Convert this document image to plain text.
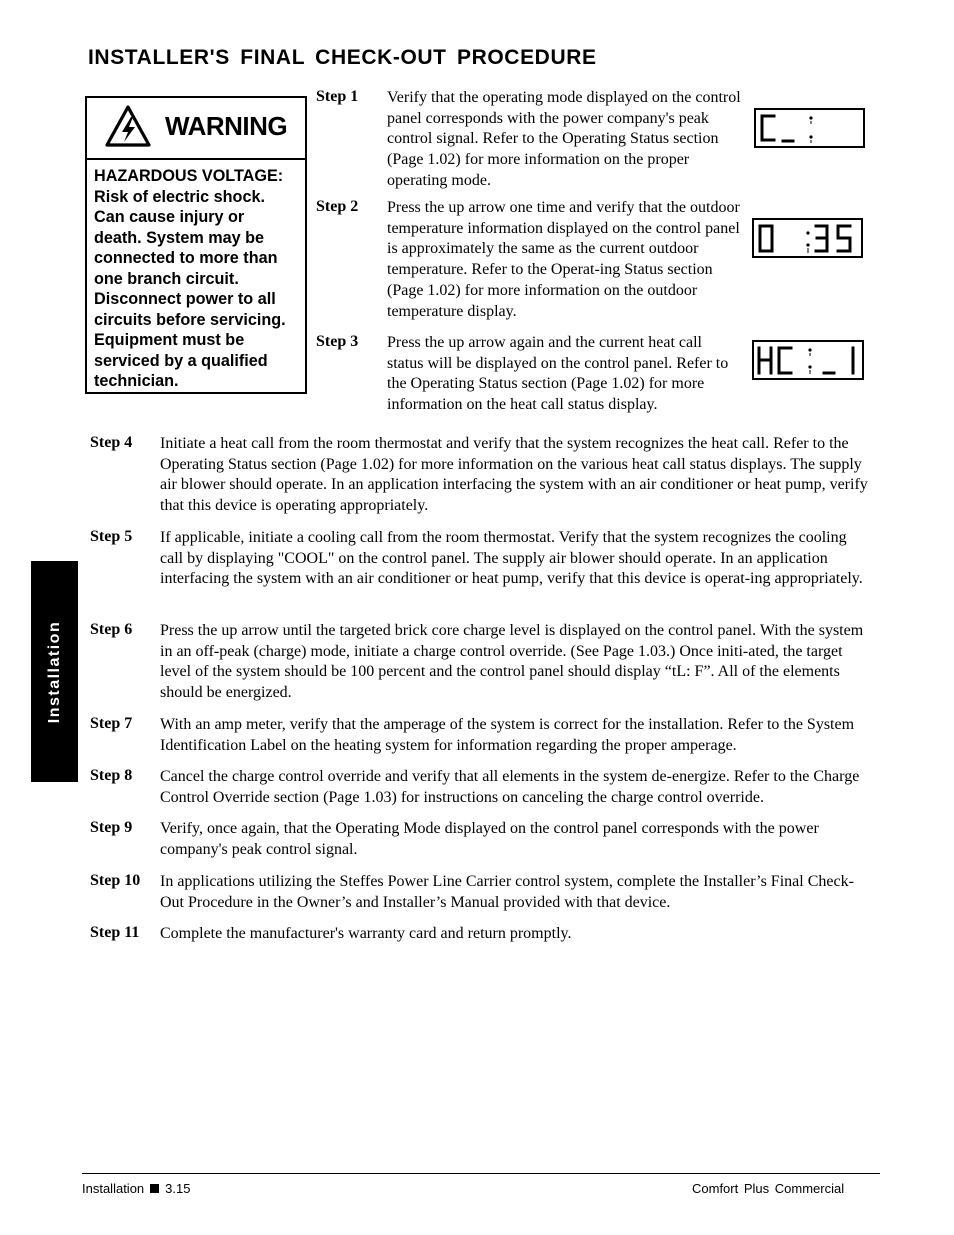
INSTALLER'S FINAL CHECK-OUT PROCEDURE
WARNING
HAZARDOUS VOLTAGE:
Risk of electric shock.
Can cause injury or
death. System may be
connected to more than
one branch circuit.
Disconnect power to all
circuits before servicing.
Equipment must be
serviced by a qualified
technician.
Step 1 Verify that the operating mode displayed on the control panel corresponds with the power company's peak control signal. Refer to the Operating Status section (Page 1.02) for more information on the proper operating mode.
Step 2 Press the up arrow one time and verify that the outdoor temperature information displayed on the control panel is approximately the same as the current outdoor temperature. Refer to the Operat-ing Status section (Page 1.02) for more information on the outdoor temperature display.
Step 3 Press the up arrow again and the current heat call status will be displayed on the control panel. Refer to the Operating Status section (Page 1.02) for more information on the heat call status display.
Step 4 Initiate a heat call from the room thermostat and verify that the system recognizes the heat call. Refer to the Operating Status section (Page 1.02) for more information on the various heat call status displays. The supply air blower should operate. In an application interfacing the system with an air conditioner or heat pump, verify that this device is operating appropriately.
Step 5 If applicable, initiate a cooling call from the room thermostat. Verify that the system recognizes the cooling call by displaying "COOL" on the control panel. The supply air blower should operate. In an application interfacing the system with an air conditioner or heat pump, verify that this device is operat-ing appropriately.
Step 6 Press the up arrow until the targeted brick core charge level is displayed on the control panel. With the system in an off-peak (charge) mode, initiate a charge control override. (See Page 1.03.) Once initi-ated, the target level of the system should be 100 percent and the control panel should display “tL: F”. All of the elements should be energized.
Step 7 With an amp meter, verify that the amperage of the system is correct for the installation. Refer to the System Identification Label on the heating system for information regarding the proper amperage.
Step 8 Cancel the charge control override and verify that all elements in the system de-energize. Refer to the Charge Control Override section (Page 1.03) for instructions on canceling the charge control override.
Step 9 Verify, once again, that the Operating Mode displayed on the control panel corresponds with the power company's peak control signal.
Step 10 In applications utilizing the Steffes Power Line Carrier control system, complete the Installer’s Final Check-Out Procedure in the Owner’s and Installer’s Manual provided with that device.
Step 11 Complete the manufacturer's warranty card and return promptly.
Installation
Installation 3.15	Comfort Plus Commercial
